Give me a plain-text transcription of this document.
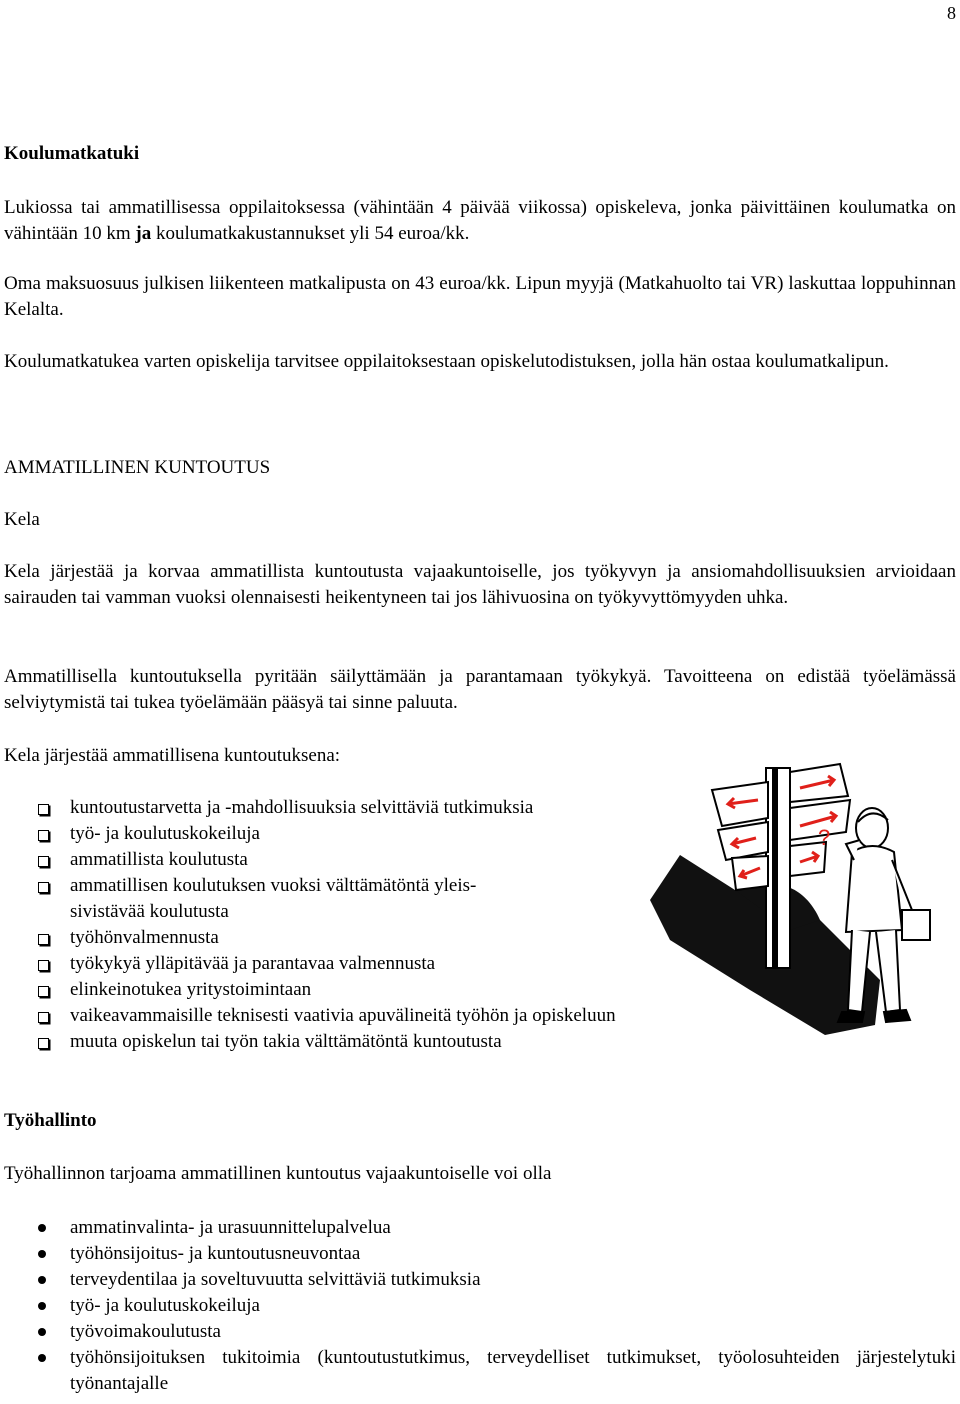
8
Koulumatkatuki

Lukiossa tai ammatillisessa oppilaitoksessa (vähintään 4 päivää viikossa) opiskeleva, jonka päivittäinen koulumatka on vähintään 10 km ja koulumatkakustannukset yli 54 euroa/kk.

Oma maksuosuus julkisen liikenteen matkalipusta on 43 euroa/kk. Lipun myyjä (Matkahuolto tai VR) laskuttaa loppuhinnan Kelalta.

Koulumatkatukea varten opiskelija tarvitsee oppilaitoksestaan opiskelutodistuksen, jolla hän ostaa koulumatkalipun.

AMMATILLINEN KUNTOUTUS
Kela

Kela järjestää ja korvaa ammatillista kuntoutusta vajaakuntoiselle, jos työkyvyn ja ansiomahdollisuuksien arvioidaan sairauden tai vamman vuoksi olennaisesti heikentyneen tai jos lähivuosina on työkyvyttömyyden uhka.

Ammatillisella kuntoutuksella pyritään säilyttämään ja parantamaan työkykyä. Tavoitteena on edistää työelämässä selviytymistä tai tukea työelämään pääsyä tai sinne paluuta.

Kela järjestää ammatillisena kuntoutuksena:

kuntoutustarvetta ja -mahdollisuuksia selvittäviä tutkimuksia
työ- ja koulutuskokeiluja
ammatillista koulutusta
ammatillisen koulutuksen vuoksi välttämätöntä yleis-
sivistävää koulutusta
työhönvalmennusta
työkykyä ylläpitävää ja parantavaa valmennusta
elinkeinotukea yritystoimintaan
vaikeavammaisille teknisesti vaativia apuvälineitä työhön ja opiskeluun
muuta opiskelun tai työn takia välttämätöntä kuntoutusta
?
Työhallinto

Työhallinnon tarjoama ammatillinen kuntoutus vajaakuntoiselle voi olla

ammatinvalinta- ja urasuunnittelupalvelua
työhönsijoitus- ja kuntoutusneuvontaa
terveydentilaa ja soveltuvuutta selvittäviä tutkimuksia
työ- ja koulutuskokeiluja
työvoimakoulutusta
työhönsijoituksen tukitoimia (kuntoutustutkimus, terveydelliset tutkimukset, työolosuhteiden järjestelytuki työnantajalle
